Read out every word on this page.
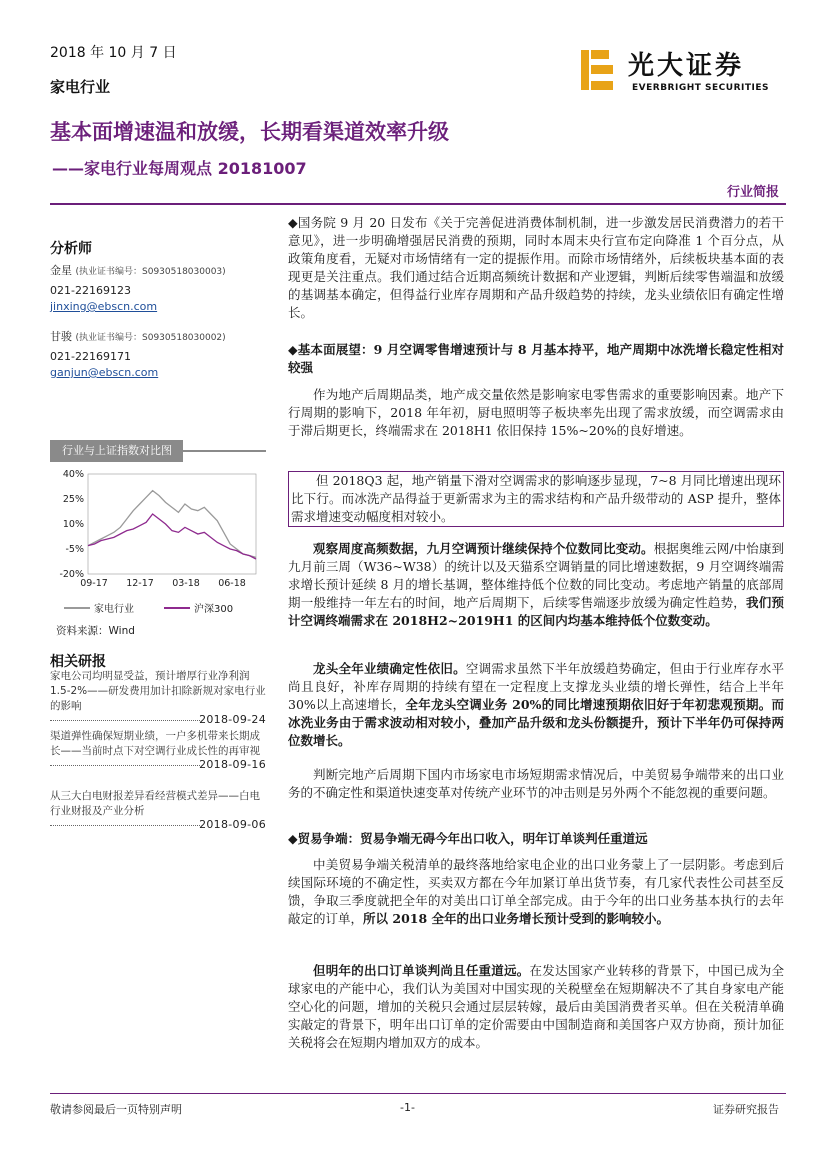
2018 年 10 月 7 日
家电行业
光大证券
EVERBRIGHT SECURITIES
基本面增速温和放缓，长期看渠道效率升级
——家电行业每周观点 20181007
行业简报
分析师
金星 (执业证书编号：S0930518030003)
021-22169123
jinxing@ebscn.com
甘骏 (执业证书编号：S0930518030002)
021-22169171
ganjun@ebscn.com
行业与上证指数对比图
40%
25%
10%
-5%
-20%
09-17 12-17 03-18 06-18
家电行业	沪深300
资料来源：Wind
相关研报
家电公司均明显受益，预计增厚行业净利润 1.5-2%——研发费用加计扣除新规对家电行业的影响
2018-09-24
渠道弹性确保短期业绩，一户多机带来长期成长——当前时点下对空调行业成长性的再审视
2018-09-16
从三大白电财报差异看经营模式差异——白电行业财报及产业分析
2018-09-06
◆国务院 9 月 20 日发布《关于完善促进消费体制机制，进一步激发居民消费潜力的若干意见》，进一步明确增强居民消费的预期，同时本周末央行宣布定向降准 1 个百分点，从政策角度看，无疑对市场情绪有一定的提振作用。而除市场情绪外，后续板块基本面的表现更是关注重点。我们通过结合近期高频统计数据和产业逻辑，判断后续零售端温和放缓的基调基本确定，但得益行业库存周期和产品升级趋势的持续，龙头业绩依旧有确定性增长。
◆基本面展望：9 月空调零售增速预计与 8 月基本持平，地产周期中冰洗增长稳定性相对较强
作为地产后周期品类，地产成交量依然是影响家电零售需求的重要影响因素。地产下行周期的影响下，2018 年年初，厨电照明等子板块率先出现了需求放缓，而空调需求由于滞后期更长，终端需求在 2018H1 依旧保持 15%~20%的良好增速。
但 2018Q3 起，地产销量下滑对空调需求的影响逐步显现，7~8 月同比增速出现环比下行。而冰洗产品得益于更新需求为主的需求结构和产品升级带动的 ASP 提升，整体需求增速变动幅度相对较小。
观察周度高频数据，九月空调预计继续保持个位数同比变动。根据奥维云网/中怡康到九月前三周（W36~W38）的统计以及天猫系空调销量的同比增速数据，9 月空调终端需求增长预计延续 8 月的增长基调，整体维持低个位数的同比变动。考虑地产销量的底部周期一般维持一年左右的时间，地产后周期下，后续零售端逐步放缓为确定性趋势，我们预计空调终端需求在 2018H2~2019H1 的区间内均基本维持低个位数变动。
龙头全年业绩确定性依旧。空调需求虽然下半年放缓趋势确定，但由于行业库存水平尚且良好，补库存周期的持续有望在一定程度上支撑龙头业绩的增长弹性，结合上半年 30%以上高速增长，全年龙头空调业务 20%的同比增速预期依旧好于年初悲观预期。而冰洗业务由于需求波动相对较小，叠加产品升级和龙头份额提升，预计下半年仍可保持两位数增长。
判断完地产后周期下国内市场家电市场短期需求情况后，中美贸易争端带来的出口业务的不确定性和渠道快速变革对传统产业环节的冲击则是另外两个不能忽视的重要问题。
◆贸易争端：贸易争端无碍今年出口收入，明年订单谈判任重道远
中美贸易争端关税清单的最终落地给家电企业的出口业务蒙上了一层阴影。考虑到后续国际环境的不确定性，买卖双方都在今年加紧订单出货节奏，有几家代表性公司甚至反馈，争取三季度就把全年的对美出口订单全部完成。由于今年的出口业务基本执行的去年敲定的订单，所以 2018 全年的出口业务增长预计受到的影响较小。
但明年的出口订单谈判尚且任重道远。在发达国家产业转移的背景下，中国已成为全球家电的产能中心，我们认为美国对中国实现的关税壁垒在短期解决不了其自身家电产能空心化的问题，增加的关税只会通过层层转嫁，最后由美国消费者买单。但在关税清单确实敲定的背景下，明年出口订单的定价需要由中国制造商和美国客户双方协商，预计加征关税将会在短期内增加双方的成本。
敬请参阅最后一页特别声明	-1-	证券研究报告
